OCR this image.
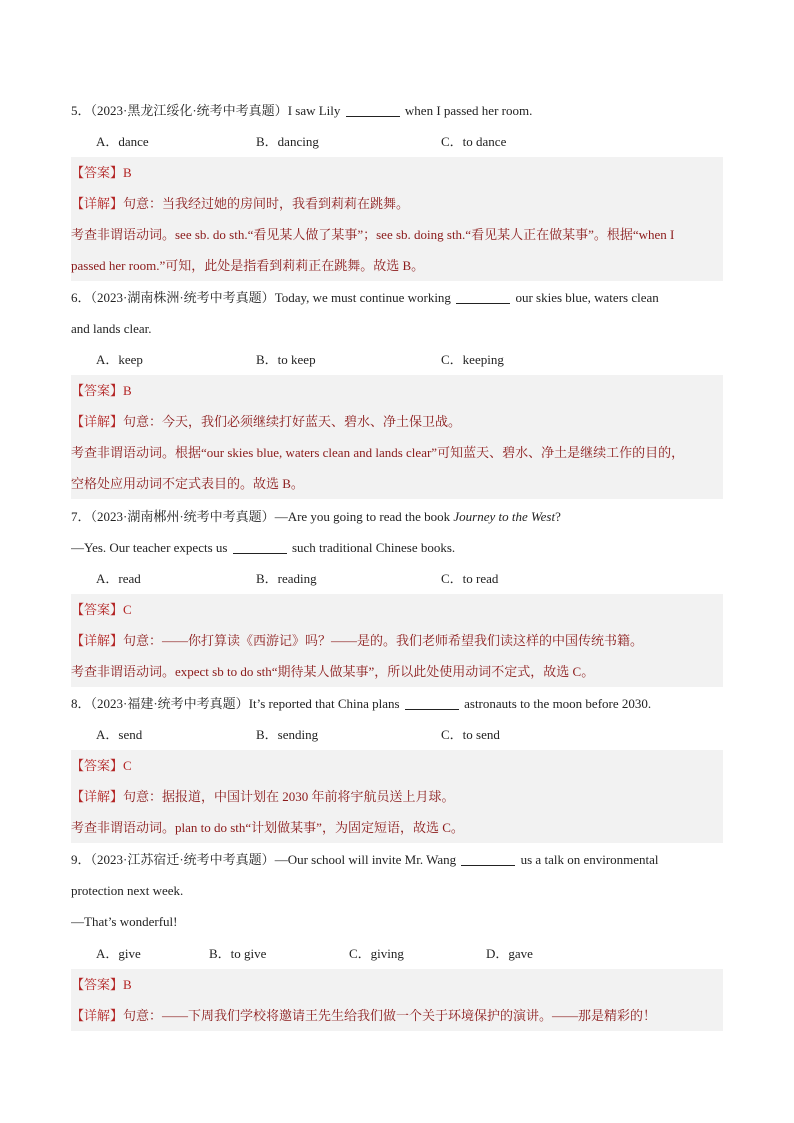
5．（2023·黑龙江绥化·统考中考真题）I saw Lily	when I passed her room.
A．dance	B．dancing	C．to dance
【答案】B
【详解】句意：当我经过她的房间时，我看到莉莉在跳舞。
考查非谓语动词。see sb. do sth.“看见某人做了某事”；see sb. doing sth.“看见某人正在做某事”。根据“when I
passed her room.”可知，此处是指看到莉莉正在跳舞。故选 B。
6．（2023·湖南株洲·统考中考真题）Today, we must continue working	our skies blue, waters clean
and lands clear.
A．keep	B．to keep	C．keeping
【答案】B
【详解】句意：今天，我们必须继续打好蓝天、碧水、净土保卫战。
考查非谓语动词。根据“our skies blue, waters clean and lands clear”可知蓝天、碧水、净土是继续工作的目的，
空格处应用动词不定式表目的。故选 B。
7．（2023·湖南郴州·统考中考真题）—Are you going to read the book Journey to the West?
—Yes. Our teacher expects us	such traditional Chinese books.
A．read	B．reading	C．to read
【答案】C
【详解】句意：——你打算读《西游记》吗？——是的。我们老师希望我们读这样的中国传统书籍。
考查非谓语动词。expect sb to do sth“期待某人做某事”，所以此处使用动词不定式，故选 C。
8．（2023·福建·统考中考真题）It’s reported that China plans	astronauts to the moon before 2030.
A．send	B．sending	C．to send
【答案】C
【详解】句意：据报道，中国计划在 2030 年前将宇航员送上月球。
考查非谓语动词。plan to do sth“计划做某事”，为固定短语，故选 C。
9．（2023·江苏宿迁·统考中考真题）—Our school will invite Mr. Wang	us a talk on environmental
protection next week.
—That’s wonderful!
A．give	B．to give	C．giving	D．gave
【答案】B
【详解】句意：——下周我们学校将邀请王先生给我们做一个关于环境保护的演讲。——那是精彩的！
